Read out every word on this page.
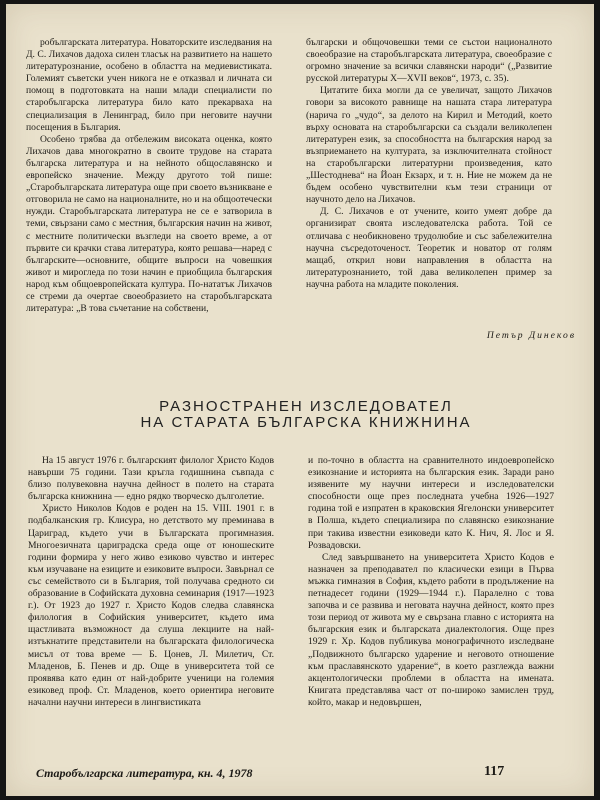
робългарската литература. Новаторските изследвания на Д. С. Лихачов дадоха силен тласък на развитието на нашето литературознание, особено в областта на медиевистиката. Големият съветски учен никога не е отказвал и личната си помощ в подготовката на наши млади специалисти по старобългарска литература било като прекарваха на специализация в Ленинград, било при неговите научни посещения в България.

Особено трябва да отбележим високата оценка, която Лихачов дава многократно в своите трудове на старата българска литература и на нейното общославянско и европейско значение. Между другото той пише: „Старобългарската литература още при своето възникване е отговорила не само на националните, но и на общоотечески нужди. Старобългарската литература не се е затворила в теми, свързани само с местния, българския начин на живот, с местните политически възгледи на своето време, а от първите си крачки става литература, която решава—наред с българските—основните, общите въпроси на човешкия живот и мирогледа по този начин е приобщила българския народ към общоевропейската култура. По-нататък Лихачов се стреми да очертае своеобразието на старобългарската литература: „В това съчетание на собствени,

български и общочовешки теми се състои националното своеобразие на старобългарската литература, своеобразие с огромно значение за всички славянски народи“ („Развитие русской литературы X—XVII веков“, 1973, с. 35).

Цитатите биха могли да се увеличат, защото Лихачов говори за високото равнище на нашата стара литература (нарича го „чудо“, за делото на Кирил и Методий, което върху основата на старобългарски са създали великолепен литературен език, за способността на българския народ за възприемането на културата, за изключителната стойност на старобългарски литературни произведения, като „Шестоднева“ на Йоан Екзарх, и т. н. Ние не можем да не бъдем особено чувствителни към тези страници от научното дело на Лихачов.

Д. С. Лихачов е от учените, които умеят добре да организират своята изследователска работа. Той се отличава с необикновено трудолюбие и със забележителна научна съсредоточеност. Теоретик и новатор от голям мащаб, открил нови направления в областта на литературознанието, той дава великолепен пример за научна работа на младите поколения.

Петър Динеков
РАЗНОСТРАНЕН ИЗСЛЕДОВАТЕЛ
НА СТАРАТА БЪЛГАРСКА КНИЖНИНА

На 15 август 1976 г. българският филолог Христо Кодов навърши 75 години. Тази кръгла годишнина съвпада с близо полувековна научна дейност в полето на старата българска книжнина — едно рядко творческо дълголетие.

Христо Николов Кодов е роден на 15. VIII. 1901 г. в подбалканския гр. Клисура, но детството му преминава в Цариград, където учи в Българската прогимназия. Многоезичната цариградска среда още от юношеските години формира у него живо езиково чувство и интерес към изучаване на езиците и езиковите въпроси. Завърнал се със семейството си в България, той получава средното си образование в Софийската духовна семинария (1917—1923 г.). От 1923 до 1927 г. Христо Кодов следва славянска филология в Софийския университет, където има щастливата възможност да слуша лекциите на най-изтъкнатите представители на българската филологическа мисъл от това време — Б. Цонев, Л. Милетич, Ст. Младенов, Б. Пенев и др. Още в университета той се проявява като един от най-добрите ученици на големия езиковед проф. Ст. Младенов, което ориентира неговите начални научни интереси в лингвистиката

и по-точно в областта на сравнителното индоевропейско езикознание и историята на българския език. Заради рано изявените му научни интереси и изследователски способности още през последната учебна 1926—1927 година той е изпратен в краковския Ягелонски университет в Полша, където специализира по славянско езикознание при такива известни езиковеди като К. Нич, Я. Лос и Я. Розвадовски.

След завършването на университета Христо Кодов е назначен за преподавател по класически езици в Първа мъжка гимназия в София, където работи в продължение на петнадесет години (1929—1944 г.). Паралелно с това започва и се развива и неговата научна дейност, която през този период от живота му е свързана главно с историята на българския език и българската диалектология. Още през 1929 г. Хр. Кодов публикува монографичното изследване „Подвижното българско ударение и неговото отношение към праславянското ударение“, в което разглежда важни акцентологически проблеми в областта на имената. Книгата представлява част от по-широко замислен труд, който, макар и недовършен,

Старобългарска литература, кн. 4, 1978	117
